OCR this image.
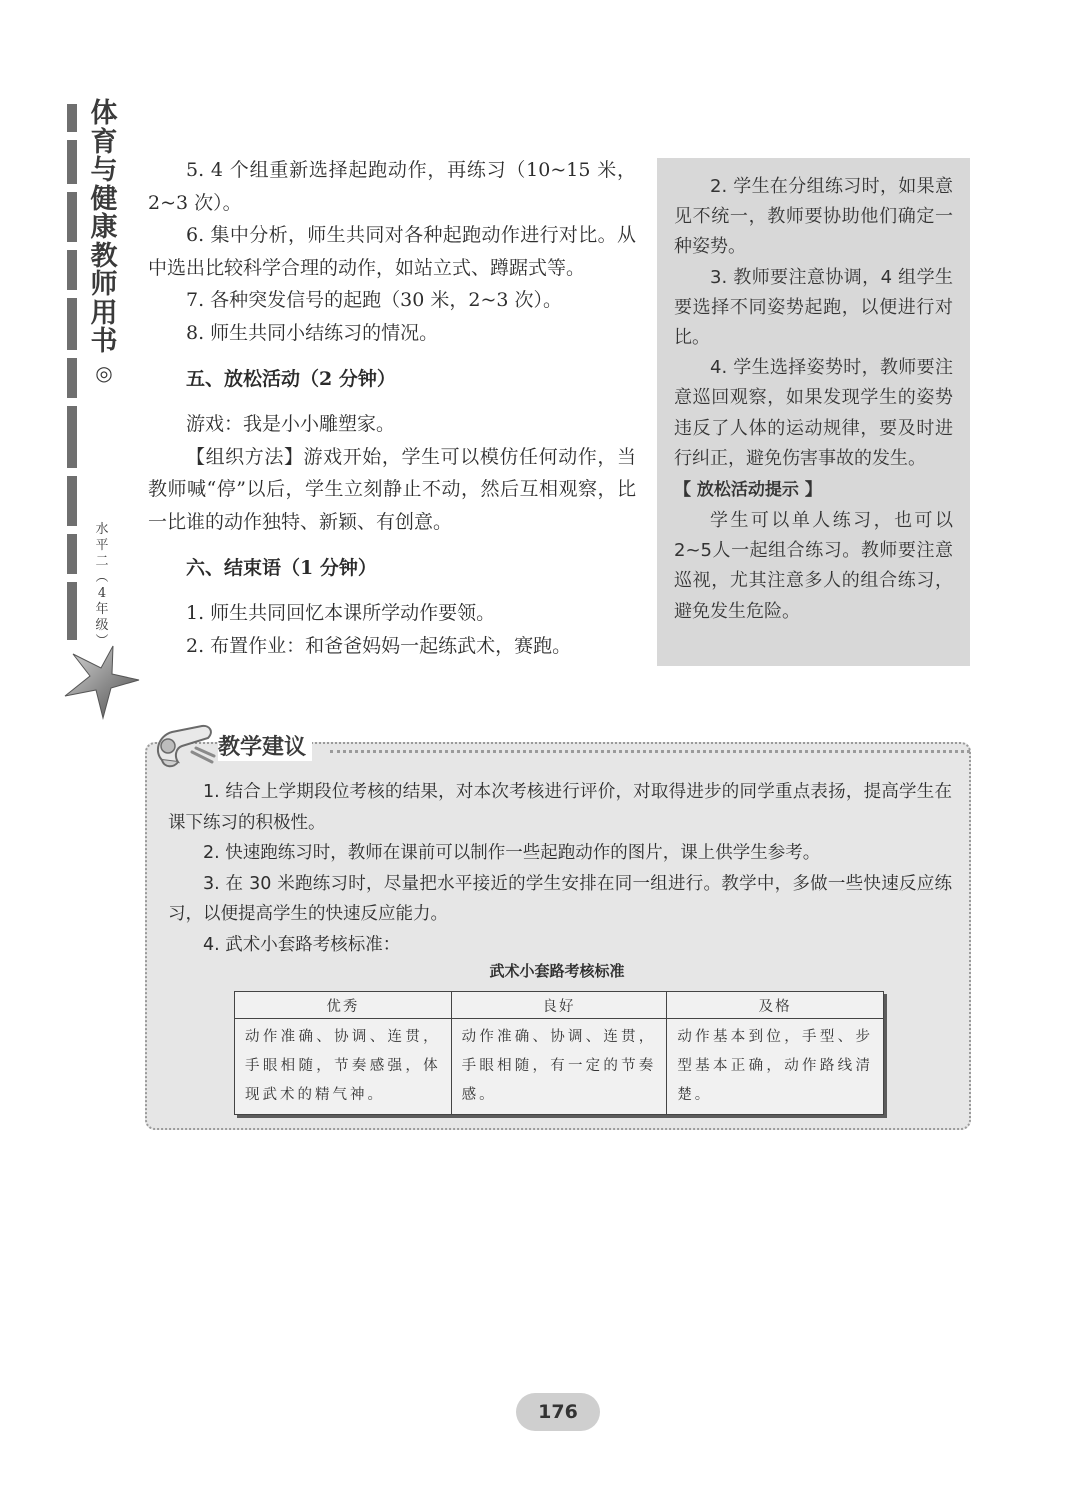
体
育
与
健
康
教
师
用
书
◎
水
平
二
︵
4
年
级
︶

5. 4 个组重新选择起跑动作，再练习（10~15 米，2~3 次）。

6. 集中分析，师生共同对各种起跑动作进行对比。从中选出比较科学合理的动作，如站立式、蹲踞式等。

7. 各种突发信号的起跑（30 米，2~3 次）。

8. 师生共同小结练习的情况。

五、放松活动（2 分钟）

游戏：我是小小雕塑家。

【组织方法】游戏开始，学生可以模仿任何动作，当教师喊“停”以后，学生立刻静止不动，然后互相观察，比一比谁的动作独特、新颖、有创意。

六、结束语（1 分钟）

1. 师生共同回忆本课所学动作要领。

2. 布置作业：和爸爸妈妈一起练武术，赛跑。

2. 学生在分组练习时，如果意见不统一，教师要协助他们确定一种姿势。

3. 教师要注意协调，4 组学生要选择不同姿势起跑，以便进行对比。

4. 学生选择姿势时，教师要注意巡回观察，如果发现学生的姿势违反了人体的运动规律，要及时进行纠正，避免伤害事故的发生。

【 放松活动提示 】

学生可以单人练习，也可以2~5人一起组合练习。教师要注意巡视，尤其注意多人的组合练习，避免发生危险。

教学建议

1. 结合上学期段位考核的结果，对本次考核进行评价，对取得进步的同学重点表扬，提高学生在课下练习的积极性。

2. 快速跑练习时，教师在课前可以制作一些起跑动作的图片，课上供学生参考。

3. 在 30 米跑练习时，尽量把水平接近的学生安排在同一组进行。教学中，多做一些快速反应练习，以便提高学生的快速反应能力。

4. 武术小套路考核标准：

武术小套路考核标准
优秀	良好	及格
动作准确、协调、连贯，手眼相随，节奏感强，体现武术的精气神。	动作准确、协调、连贯，手眼相随，有一定的节奏感。	动作基本到位，手型、步型基本正确，动作路线清楚。
176
